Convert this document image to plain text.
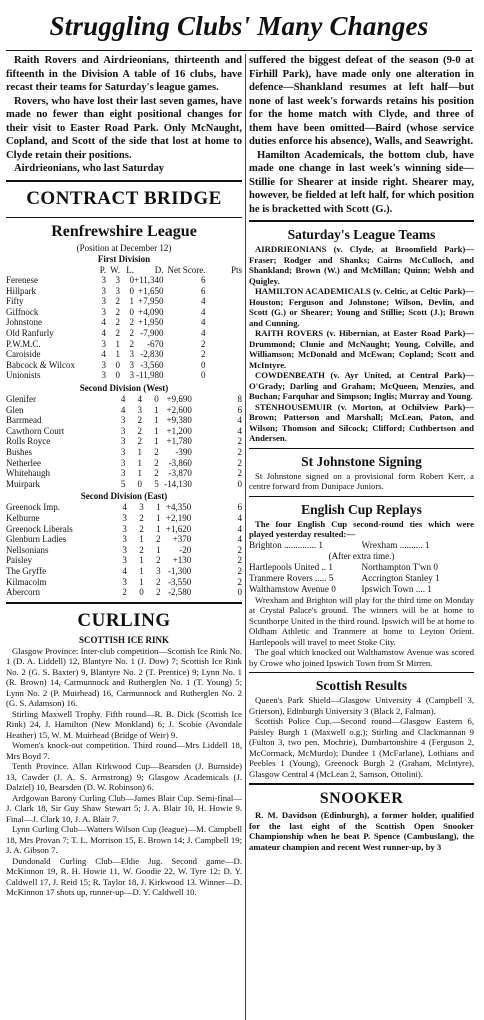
Struggling Clubs' Many Changes

Raith Rovers and Airdrieonians, thirteenth and fifteenth in the Division A table of 16 clubs, have recast their teams for Saturday's league games.

Rovers, who have lost their last seven games, have made no fewer than eight positional changes for their visit to Easter Road Park. Only McNaught, Copland, and Scott of the side that lost at home to Clyde retain their positions.

Airdrieonians, who last Saturday

CONTRACT BRIDGE
Renfrewshire League
(Position at December 12)
First Division
	P.	W.	L.	D.	Net Score.	Pts
Ferenese	3	3	0	+11,340	6	
Hillpark	3	3	0	+1,650	6	
Fifty	3	2	1	+7,950	4	
Giffnock	3	2	0	+4,090	4	
Johnstone	4	2	2	+1,950	4	
Old Ranfurly	4	2	2	-7,900	4	
P.W.M.C.	3	1	2	-670	2	
Caroiside	4	1	3	-2,830	2	
Babcock & Wilcox	3	0	3	-3,560	0	
Unionists	3	0	3	-11,980	0	
Second Division (West)
Glenifer	4	4	0	+9,690	8
Glen	4	3	1	+2,600	6
Barrmead	3	2	1	+9,380	4
Cawthorn Court	3	2	1	+1,200	4
Rolls Royce	3	2	1	+1,780	2
Bushes	3	1	2	-390	2
Netherlee	3	1	2	-3,860	2
Whitehaugh	3	1	2	-3,870	2
Muirpark	5	0	5	-14,130	0
Second Division (East)
Greenock Imp.	4	3	1	+4,350	6
Kelburne	3	2	1	+2,190	4
Greenock Liberals	3	2	1	+1,620	4
Glenburn Ladies	3	1	2	+370	4
Nellsonians	3	2	1	-20	2
Paisley	3	1	2	+130	2
The Gryffe	4	1	3	-1,300	2
Kilmacolm	3	1	2	-3,550	2
Abercorn	2	0	2	-2,580	0
CURLING
SCOTTISH ICE RINK

Glasgow Province: Inter-club competition—Scottish Ice Rink No. 1 (D. A. Liddell) 12, Blantyre No. 1 (J. Dow) 7; Scottish Ice Rink No. 2 (G. S. Baxter) 9, Blantyre No. 2 (T. Prentice) 9; Lynn No. 1 (R. Brown) 14, Carmunnock and Rutherglen No. 1 (T. Young) 5; Lynn No. 2 (P. Muirhead) 16, Carmunnock and Rutherglen No. 2 (G. S. Adamson) 16.

Stirling Maxwell Trophy. Fifth round—R. B. Dick (Scottish Ice Rink) 24, J. Hamilton (New Monkland) 6; J. Scobie (Avondale Heather) 15, W. M. Muirhead (Bridge of Weir) 9.

Women's knock-out competition. Third round—Mrs Liddell 18, Mrs Boyd 7.

Tenth Province. Allan Kirkwood Cup—Bearsden (J. Burnside) 13, Cawder (J. A. S. Armstrong) 9; Glasgow Academicals (J. Dalziel) 10, Bearsden (D. W. Robinson) 6.

Ardgowan Barony Curling Club—James Blair Cup. Semi-final—J. Clark 18, Sir Guy Shaw Stewart 5; J. A. Blair 10, H. Howie 9. Final—J. Clark 10, J. A. Blair 7.

Lynn Curling Club—Watters Wilson Cup (league)—M. Campbell 18, Mrs Provan 7; T. L. Morrison 15, E. Brown 14; J. Campbell 19; J. A. Gibson 7.

Dundonald Curling Club—Eldie Jug. Second game—D. McKinnon 19, R. H. Howie 11, W. Goodie 22, W. Tyre 12; D. Y. Caldwell 17, J. Reid 15; R. Taylor 18, J. Kirkwood 13. Winner—D. McKinnon 17 shots up, runner-up—D. Y. Caldwell 10.

suffered the biggest defeat of the season (9-0 at Firhill Park), have made only one alteration in defence—Shankland resumes at left half—but none of last week's forwards retains his position for the home match with Clyde, and three of them have been omitted—Baird (whose service duties enforce his absence), Walls, and Seawright.

Hamilton Academicals, the bottom club, have made one change in last week's winning side—Stillie for Shearer at inside right. Shearer may, however, be fielded at left half, for which position he is bracketted with Scott (G.).

Saturday's League Teams

AIRDRIEONIANS (v. Clyde, at Broomfield Park)—Fraser; Rodger and Shanks; Cairns McCulloch, and Shankland; Brown (W.) and McMillan; Quinn; Welsh and Quigley.

HAMILTON ACADEMICALS (v. Celtic, at Celtic Park)—Houston; Ferguson and Johnstone; Wilson, Devlin, and Scott (G.) or Shearer; Young and Stillie; Scott (J.); Brown and Cunning.

RAITH ROVERS (v. Hibernian, at Easter Road Park)—Drummond; Clunie and McNaught; Young, Colville, and Williamson; McDonald and McEwan; Copland; Scott and McIntyre.

COWDENBEATH (v. Ayr United, at Central Park)—O'Grady; Darling and Graham; McQueen, Menzies, and Buchan; Farquhar and Simpson; Inglis; Murray and Young.

STENHOUSEMUIR (v. Morton, at Ochilview Park)—Brown; Patterson and Marshall; McLean, Paton, and Wilson; Thomson and Silcock; Clifford; Cuthbertson and Andersen.

St Johnstone Signing

St Johnstone signed on a provisional form Robert Kerr, a centre forward from Dunipace Juniors.

English Cup Replays

The four English Cup second-round ties which were played yesterday resulted:—

Brighton .............. 1	Wrexham .......... 1
(After extra time.)
Hartlepools United .. 1	Northampton T'wn 0
Tranmere Rovers ..... 5	Accrington Stanley 1
Walthamstow Avenue 0	Ipswich Town .... 1

Wrexham and Brighton will play for the third time on Monday at Crystal Palace's ground. The winners will be at home to Scunthorpe United in the third round. Ipswich will be at home to Oldham Athletic and Tranmere at home to Leyton Orient. Hartlepools will travel to meet Stoke City.

The goal which knocked out Walthamstow Avenue was scored by Crowe who joined Ipswich Town from St Mirren.

Scottish Results

Queen's Park Shield—Glasgow University 4 (Campbell 3, Grierson), Edinburgh University 3 (Black 2, Falman).

Scottish Police Cup.—Second round—Glasgow Eastern 6, Paisley Burgh 1 (Maxwell o.g.); Stirling and Clackmannan 9 (Fulton 3, two pen. Mochrie), Dumbartonshire 4 (Ferguson 2, McCormack, McMurdo); Dundee 1 (McFarlane), Lothians and Peebles 1 (Young), Greenock Burgh 2 (Graham, McIntyre), Glasgow Central 4 (McLean 2, Samson, Ottolini).

SNOOKER

R. M. Davidson (Edinburgh), a former holder, qualified for the last eight of the Scottish Open Snooker Championship when he beat P. Spence (Cambuslang), the amateur champion and recent West runner-up, by 3
